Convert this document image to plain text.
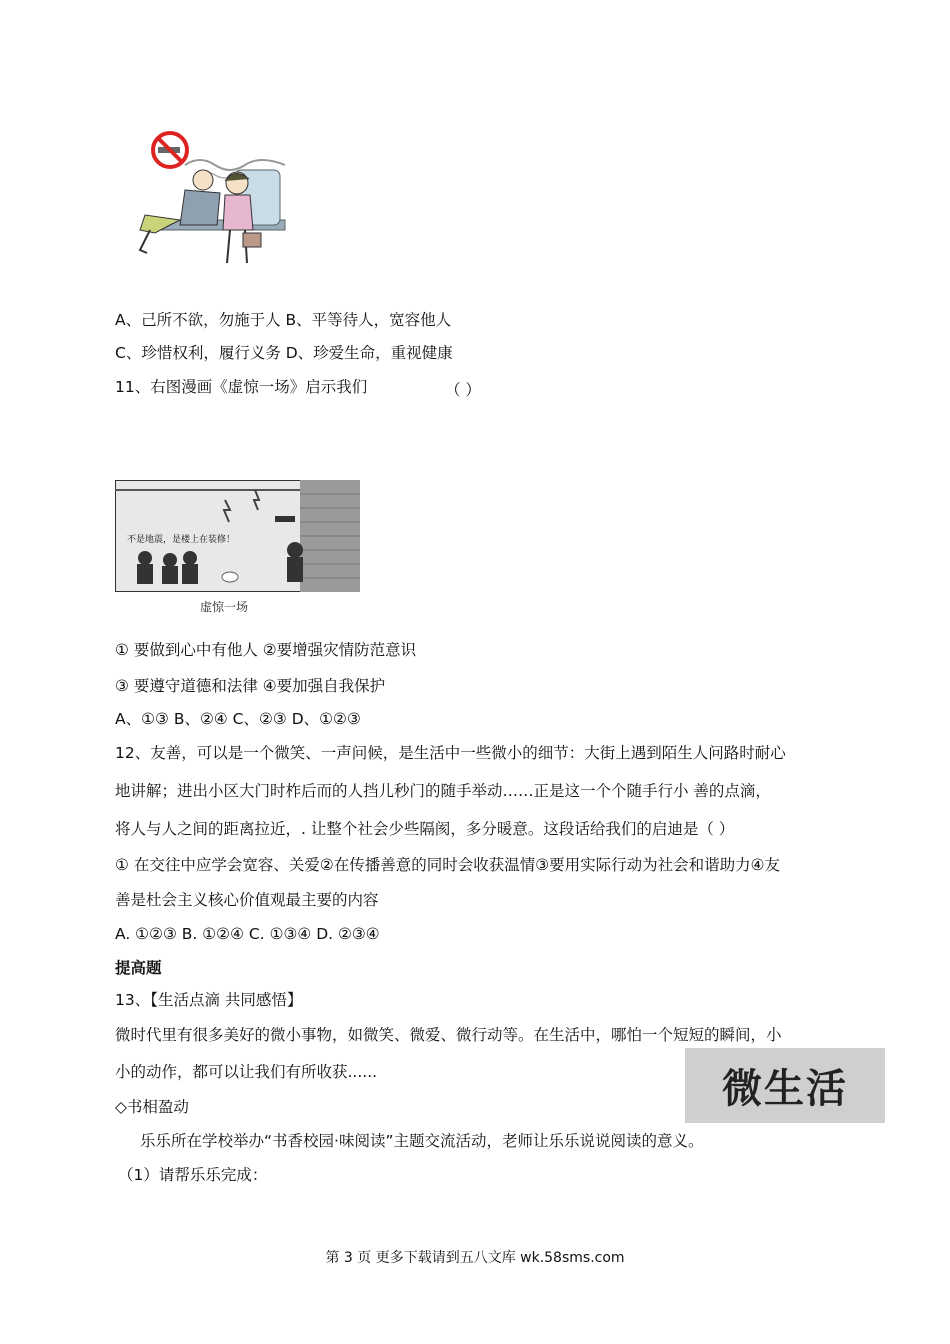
A、己所不欲，勿施于人 B、平等待人，宽容他人
C、珍惜权利，履行义务 D、珍爱生命，重视健康
11、右图漫画《虚惊一场》启示我们	（ ）
不是地震，是楼上在装修！
虚惊一场
① 要做到心中有他人 ②要增强灾情防范意识
③ 要遵守道德和法律 ④要加强自我保护
A、①③ B、②④ C、②③ D、①②③
12、友善，可以是一个微笑、一声问候，是生活中一些微小的细节：大街上遇到陌生人问路时耐心
地讲解；进出小区大门时柞后而的人挡儿秒门的随手举动……正是这一个个随手行小 善的点滴，
将人与人之间的距离拉近，. 让整个社会少些隔阂，多分暖意。这段话给我们的启迪是（ ）
① 在交往中应学会宽容、关爱②在传播善意的同时会收获温情③要用实际行动为社会和谐助力④友
善是杜会主义核心价值观最主要的内容
A. ①②③ B. ①②④ C. ①③④ D. ②③④
提高题
13、【生活点滴 共同感悟】
微时代里有很多美好的微小事物，如微笑、微爱、微行动等。在生活中，哪怕一个短短的瞬间，小
小的动作，都可以让我们有所收获......	微生活
◇书相盈动
乐乐所在学校举办“书香校园·味阅读”主题交流活动，老师让乐乐说说阅读的意义。
（1）请帮乐乐完成：
第 3 页 更多下载请到五八文库 wk.58sms.com
